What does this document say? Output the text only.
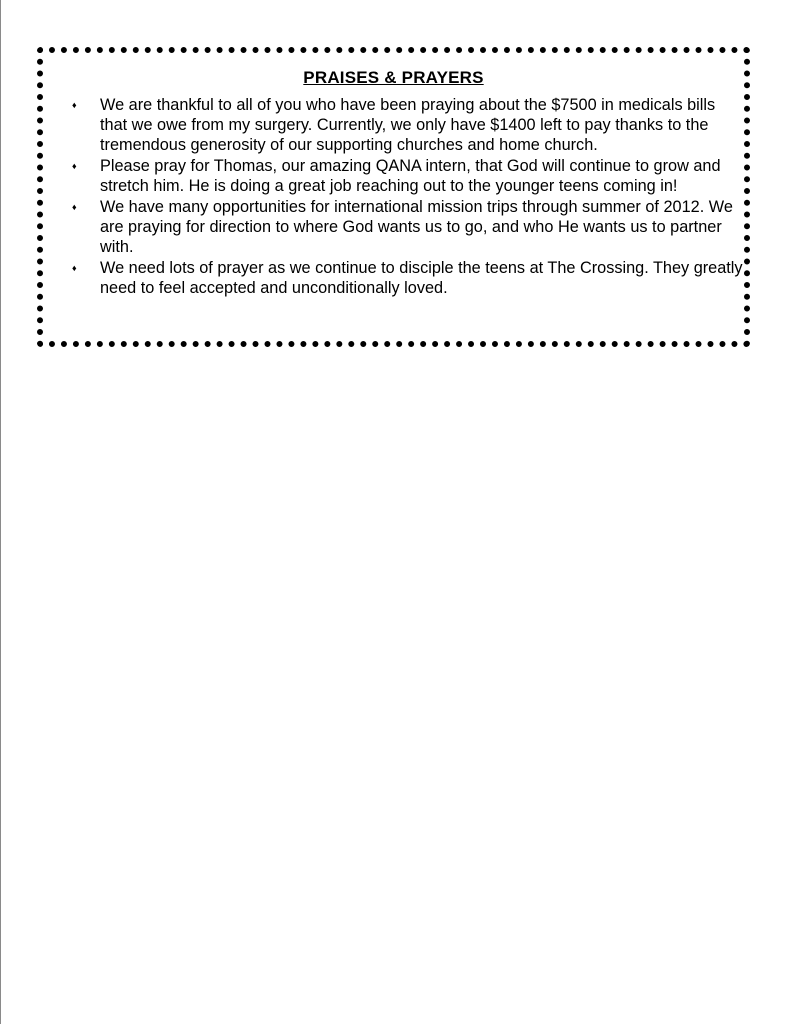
PRAISES & PRAYERS
♦ We are thankful to all of you who have been praying about the $7500 in medicals bills that we owe from my surgery. Currently, we only have $1400 left to pay thanks to the tremendous generosity of our supporting churches and home church.
♦ Please pray for Thomas, our amazing QANA intern, that God will continue to grow and stretch him. He is doing a great job reaching out to the younger teens coming in!
♦ We have many opportunities for international mission trips through summer of 2012. We are praying for direction to where God wants us to go, and who He wants us to partner with.
♦ We need lots of prayer as we continue to disciple the teens at The Crossing. They greatly need to feel accepted and unconditionally loved.
